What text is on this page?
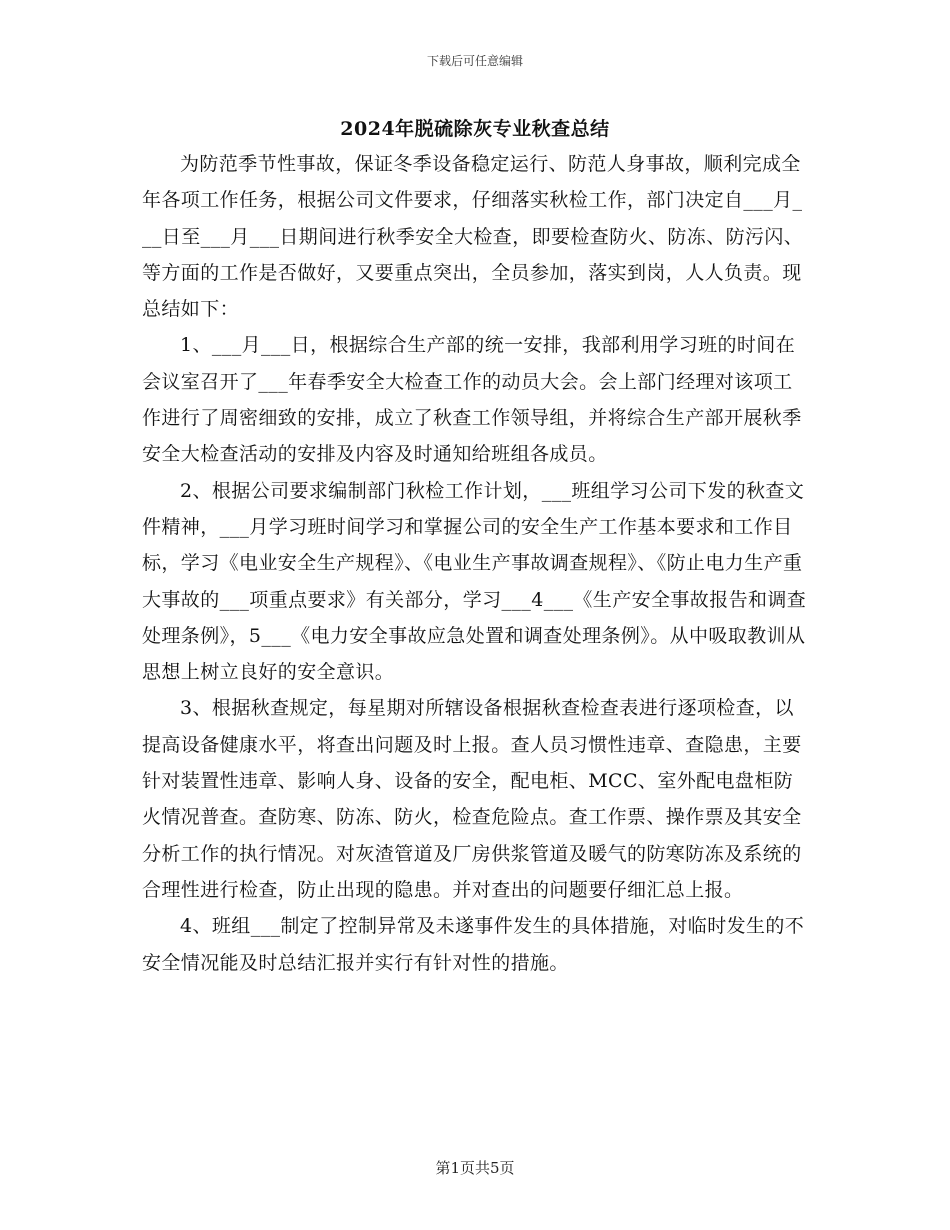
下载后可任意编辑
2024年脱硫除灰专业秋查总结

为防范季节性事故，保证冬季设备稳定运行、防范人身事故，顺利完成全年各项工作任务，根据公司文件要求，仔细落实秋检工作，部门决定自___月___日至___月___日期间进行秋季安全大检查，即要检查防火、防冻、防污闪、等方面的工作是否做好，又要重点突出，全员参加，落实到岗，人人负责。现总结如下：

1、___月___日，根据综合生产部的统一安排，我部利用学习班的时间在会议室召开了___年春季安全大检查工作的动员大会。会上部门经理对该项工作进行了周密细致的安排，成立了秋查工作领导组，并将综合生产部开展秋季安全大检查活动的安排及内容及时通知给班组各成员。

2、根据公司要求编制部门秋检工作计划，___班组学习公司下发的秋查文件精神，___月学习班时间学习和掌握公司的安全生产工作基本要求和工作目标，学习《电业安全生产规程》、《电业生产事故调查规程》、《防止电力生产重大事故的___项重点要求》有关部分，学习___4___《生产安全事故报告和调查处理条例》，5___《电力安全事故应急处置和调查处理条例》。从中吸取教训从思想上树立良好的安全意识。

3、根据秋查规定，每星期对所辖设备根据秋查检查表进行逐项检查，以提高设备健康水平，将查出问题及时上报。查人员习惯性违章、查隐患，主要针对装置性违章、影响人身、设备的安全，配电柜、MCC、室外配电盘柜防火情况普查。查防寒、防冻、防火，检查危险点。查工作票、操作票及其安全分析工作的执行情况。对灰渣管道及厂房供浆管道及暖气的防寒防冻及系统的合理性进行检查，防止出现的隐患。并对查出的问题要仔细汇总上报。

4、班组___制定了控制异常及未遂事件发生的具体措施，对临时发生的不安全情况能及时总结汇报并实行有针对性的措施。

第1页共5页
